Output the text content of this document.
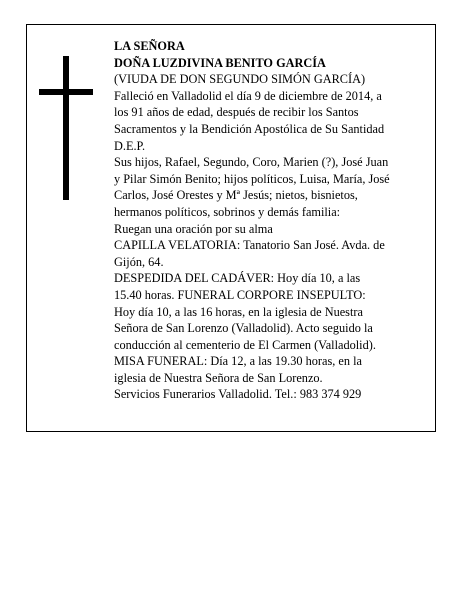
LA SEÑORA
DOÑA LUZDIVINA BENITO GARCÍA
(VIUDA DE DON SEGUNDO SIMÓN GARCÍA)
Falleció en Valladolid el día 9 de diciembre de 2014, a
los 91 años de edad, después de recibir los Santos
Sacramentos y la Bendición Apostólica de Su Santidad
D.E.P.
Sus hijos, Rafael, Segundo, Coro, Marien (?), José Juan
y Pilar Simón Benito; hijos políticos, Luisa, María, José
Carlos, José Orestes y Mª Jesús; nietos, bisnietos,
hermanos políticos, sobrinos y demás familia:
Ruegan una oración por su alma
CAPILLA VELATORIA: Tanatorio San José. Avda. de
Gijón, 64.
DESPEDIDA DEL CADÁVER: Hoy día 10, a las
15.40 horas. FUNERAL CORPORE INSEPULTO:
Hoy día 10, a las 16 horas, en la iglesia de Nuestra
Señora de San Lorenzo (Valladolid). Acto seguido la
conducción al cementerio de El Carmen (Valladolid).
MISA FUNERAL: Día 12, a las 19.30 horas, en la
iglesia de Nuestra Señora de San Lorenzo.
Servicios Funerarios Valladolid. Tel.: 983 374 929
